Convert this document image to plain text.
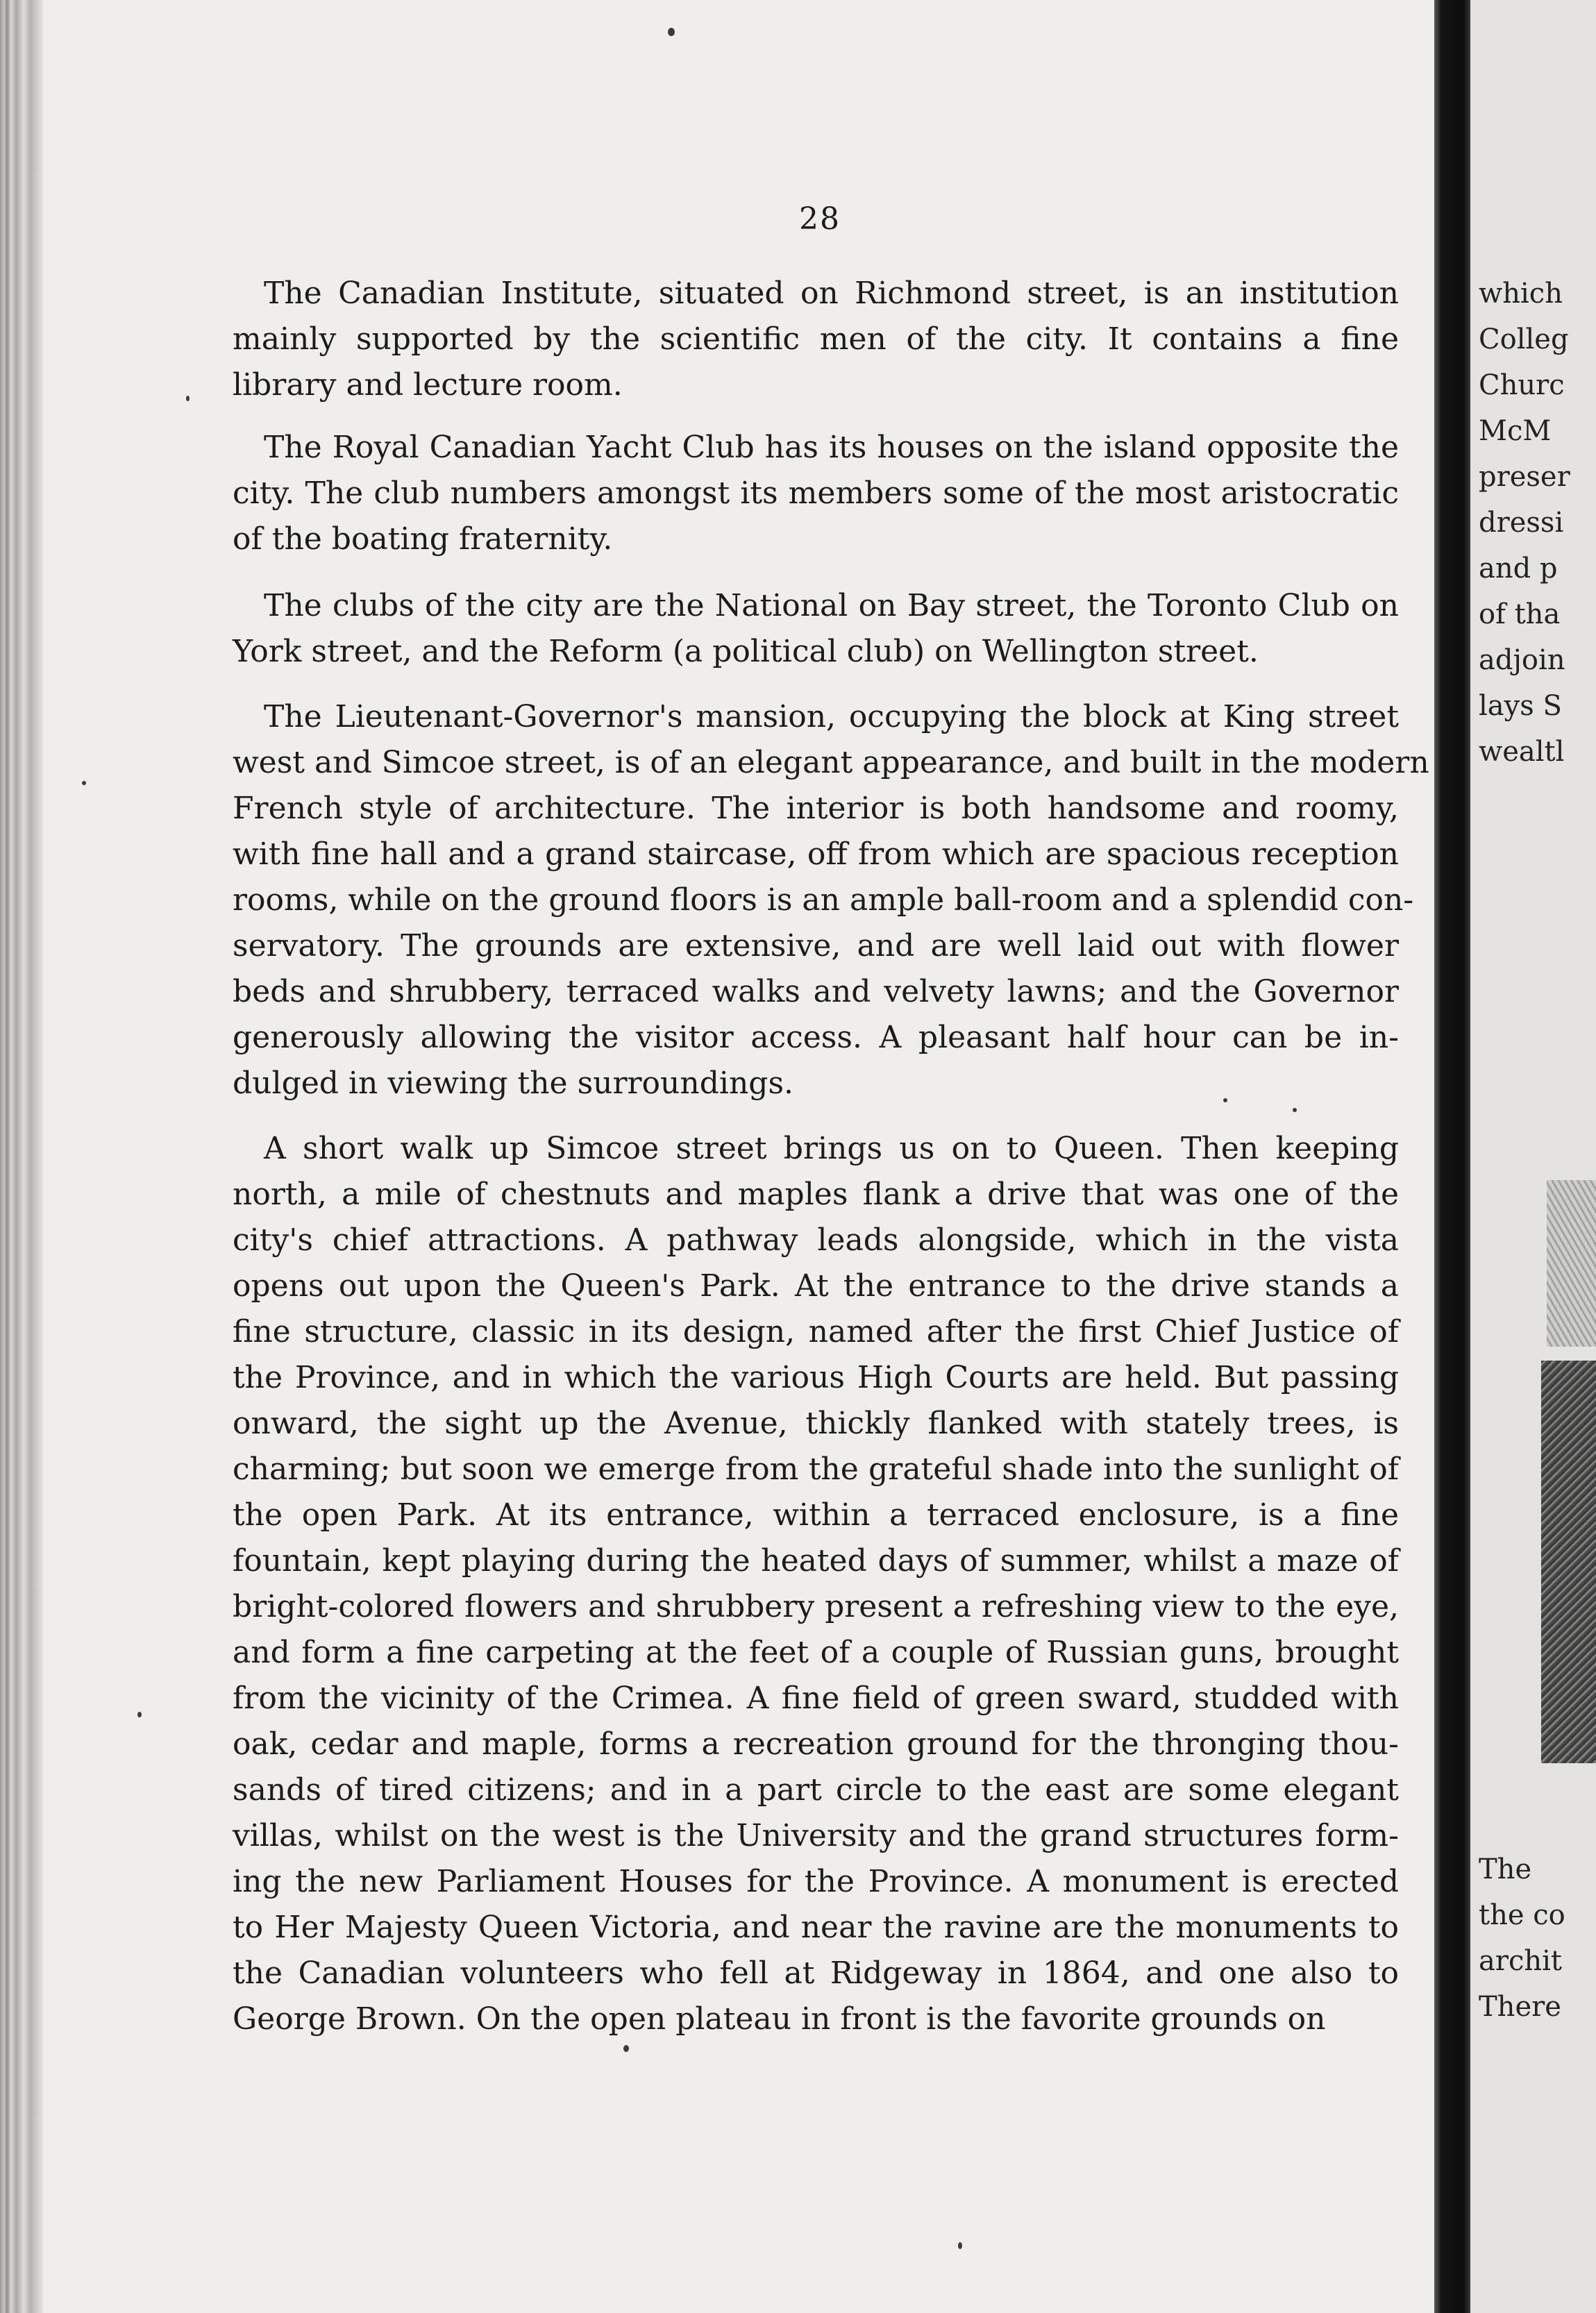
28
The Canadian Institute, situated on Richmond street, is an institution
mainly supported by the scientific men of the city. It contains a fine
library and lecture room.
The Royal Canadian Yacht Club has its houses on the island opposite the
city. The club numbers amongst its members some of the most aristocratic
of the boating fraternity.
The clubs of the city are the National on Bay street, the Toronto Club on
York street, and the Reform (a political club) on Wellington street.
The Lieutenant-Governor's mansion, occupying the block at King street
west and Simcoe street, is of an elegant appearance, and built in the modern
French style of architecture. The interior is both handsome and roomy,
with fine hall and a grand staircase, off from which are spacious reception
rooms, while on the ground floors is an ample ball-room and a splendid con-
servatory. The grounds are extensive, and are well laid out with flower
beds and shrubbery, terraced walks and velvety lawns; and the Governor
generously allowing the visitor access. A pleasant half hour can be in-
dulged in viewing the surroundings.
A short walk up Simcoe street brings us on to Queen. Then keeping
north, a mile of chestnuts and maples flank a drive that was one of the
city's chief attractions. A pathway leads alongside, which in the vista
opens out upon the Queen's Park. At the entrance to the drive stands a
fine structure, classic in its design, named after the first Chief Justice of
the Province, and in which the various High Courts are held. But passing
onward, the sight up the Avenue, thickly flanked with stately trees, is
charming; but soon we emerge from the grateful shade into the sunlight of
the open Park. At its entrance, within a terraced enclosure, is a fine
fountain, kept playing during the heated days of summer, whilst a maze of
bright-colored flowers and shrubbery present a refreshing view to the eye,
and form a fine carpeting at the feet of a couple of Russian guns, brought
from the vicinity of the Crimea. A fine field of green sward, studded with
oak, cedar and maple, forms a recreation ground for the thronging thou-
sands of tired citizens; and in a part circle to the east are some elegant
villas, whilst on the west is the University and the grand structures form-
ing the new Parliament Houses for the Province. A monument is erected
to Her Majesty Queen Victoria, and near the ravine are the monuments to
the Canadian volunteers who fell at Ridgeway in 1864, and one also to
George Brown. On the open plateau in front is the favorite grounds on
which
Colleg
Churc
McM
preser
dressi
and p
of tha
adjoin
lays S
wealtl
The
the co
archit
There
